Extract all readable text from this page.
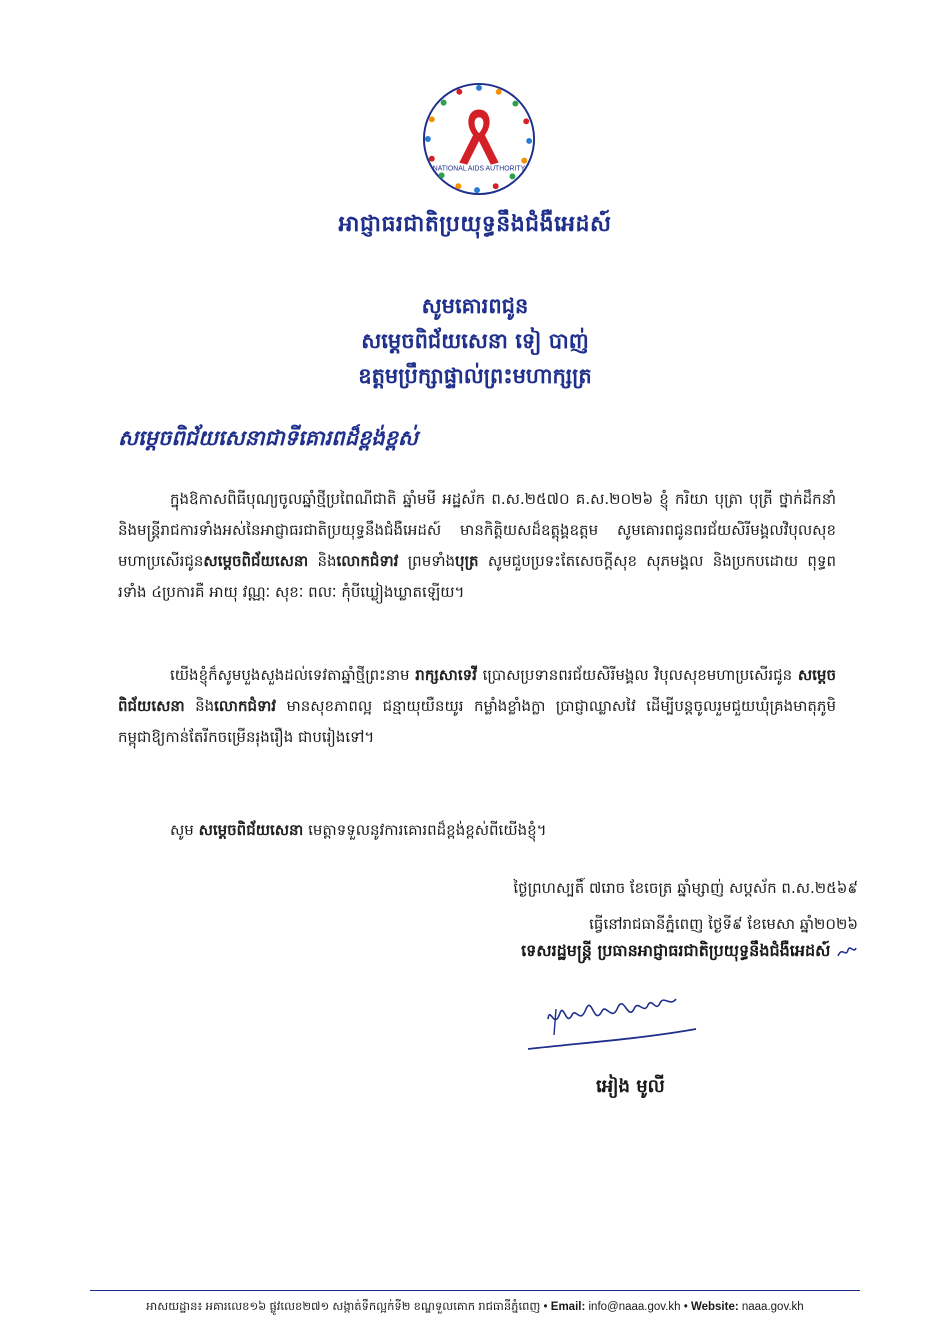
NATIONAL AIDS AUTHORITY
អាជ្ញាធរជាតិប្រយុទ្ធនឹងជំងឺអេដស៍
សូមគោរពជូន
សម្តេចពិជ័យសេនា ទៀ បាញ់
ឧត្តមប្រឹក្សាផ្ទាល់ព្រះមហាក្សត្រ
សម្តេចពិជ័យសេនាជាទីគោរពដ៏ខ្ពង់ខ្ពស់
ក្នុងឱកាសពិធីបុណ្យចូលឆ្នាំថ្មីប្រពៃណីជាតិ ឆ្នាំមមី អដ្ឋស័ក ព.ស.២៥៧០ គ.ស.២០២៦ ខ្ញុំ ករិយា បុត្រា បុត្រី ថ្នាក់ដឹកនាំ និងមន្ត្រីរាជការទាំងអស់នៃអាជ្ញាធរជាតិប្រយុទ្ធនឹងជំងឺអេដស៍ មានកិត្តិយសដ៏ឧត្តុង្គឧត្តម សូមគោរពជូនពរជ័យសិរីមង្គលវិបុលសុខមហាប្រសើរជូនសម្តេចពិជ័យសេនា និងលោកជំទាវ ព្រមទាំងបុត្រ សូមជួបប្រទះតែសេចក្តីសុខ សុភមង្គល និងប្រកបដោយ ពុទ្ធពរទាំង ៤ប្រការគឺ អាយុ វណ្ណៈ សុខៈ ពលៈ កុំបីឃ្លៀងឃ្លាតឡើយ។
យើងខ្ញុំក៏សូមបួងសួងដល់ទេវតាឆ្នាំថ្មីព្រះនាម រាក្សសាទេវី ប្រោសប្រទានពរជ័យសិរីមង្គល វិបុលសុខមហាប្រសើរជូន សម្តេចពិជ័យសេនា និងលោកជំទាវ មានសុខភាពល្អ ជន្មាយុយឺនយូរ កម្លាំងខ្លាំងក្លា ប្រាជ្ញាឈ្លាសវៃ ដើម្បីបន្តចូលរួមជួយឃុំគ្រងមាតុភូមិកម្ពុជាឱ្យកាន់តែរីកចម្រើនរុងរឿង ជាបរៀងទៅ។
សូម សម្តេចពិជ័យសេនា មេត្តាទទួលនូវការគោរពដ៏ខ្ពង់ខ្ពស់ពីយើងខ្ញុំ។
ថ្ងៃព្រហស្បតិ៍ ៧រោច ខែចេត្រ ឆ្នាំម្សាញ់ សប្តស័ក ព.ស.២៥៦៩
ធ្វើនៅរាជធានីភ្នំពេញ ថ្ងៃទី៩ ខែមេសា ឆ្នាំ២០២៦
ទេសរដ្ឋមន្ត្រី ប្រធានអាជ្ញាធរជាតិប្រយុទ្ធនឹងជំងឺអេដស៍
អៀង មូលី
អាសយដ្ឋាន៖ អគារលេខ១៦ ផ្លូវលេខ២៧១ សង្កាត់ទឹកល្អក់ទី២ ខណ្ឌទួលគោក រាជធានីភ្នំពេញ • Email: info@naaa.gov.kh • Website: naaa.gov.kh
